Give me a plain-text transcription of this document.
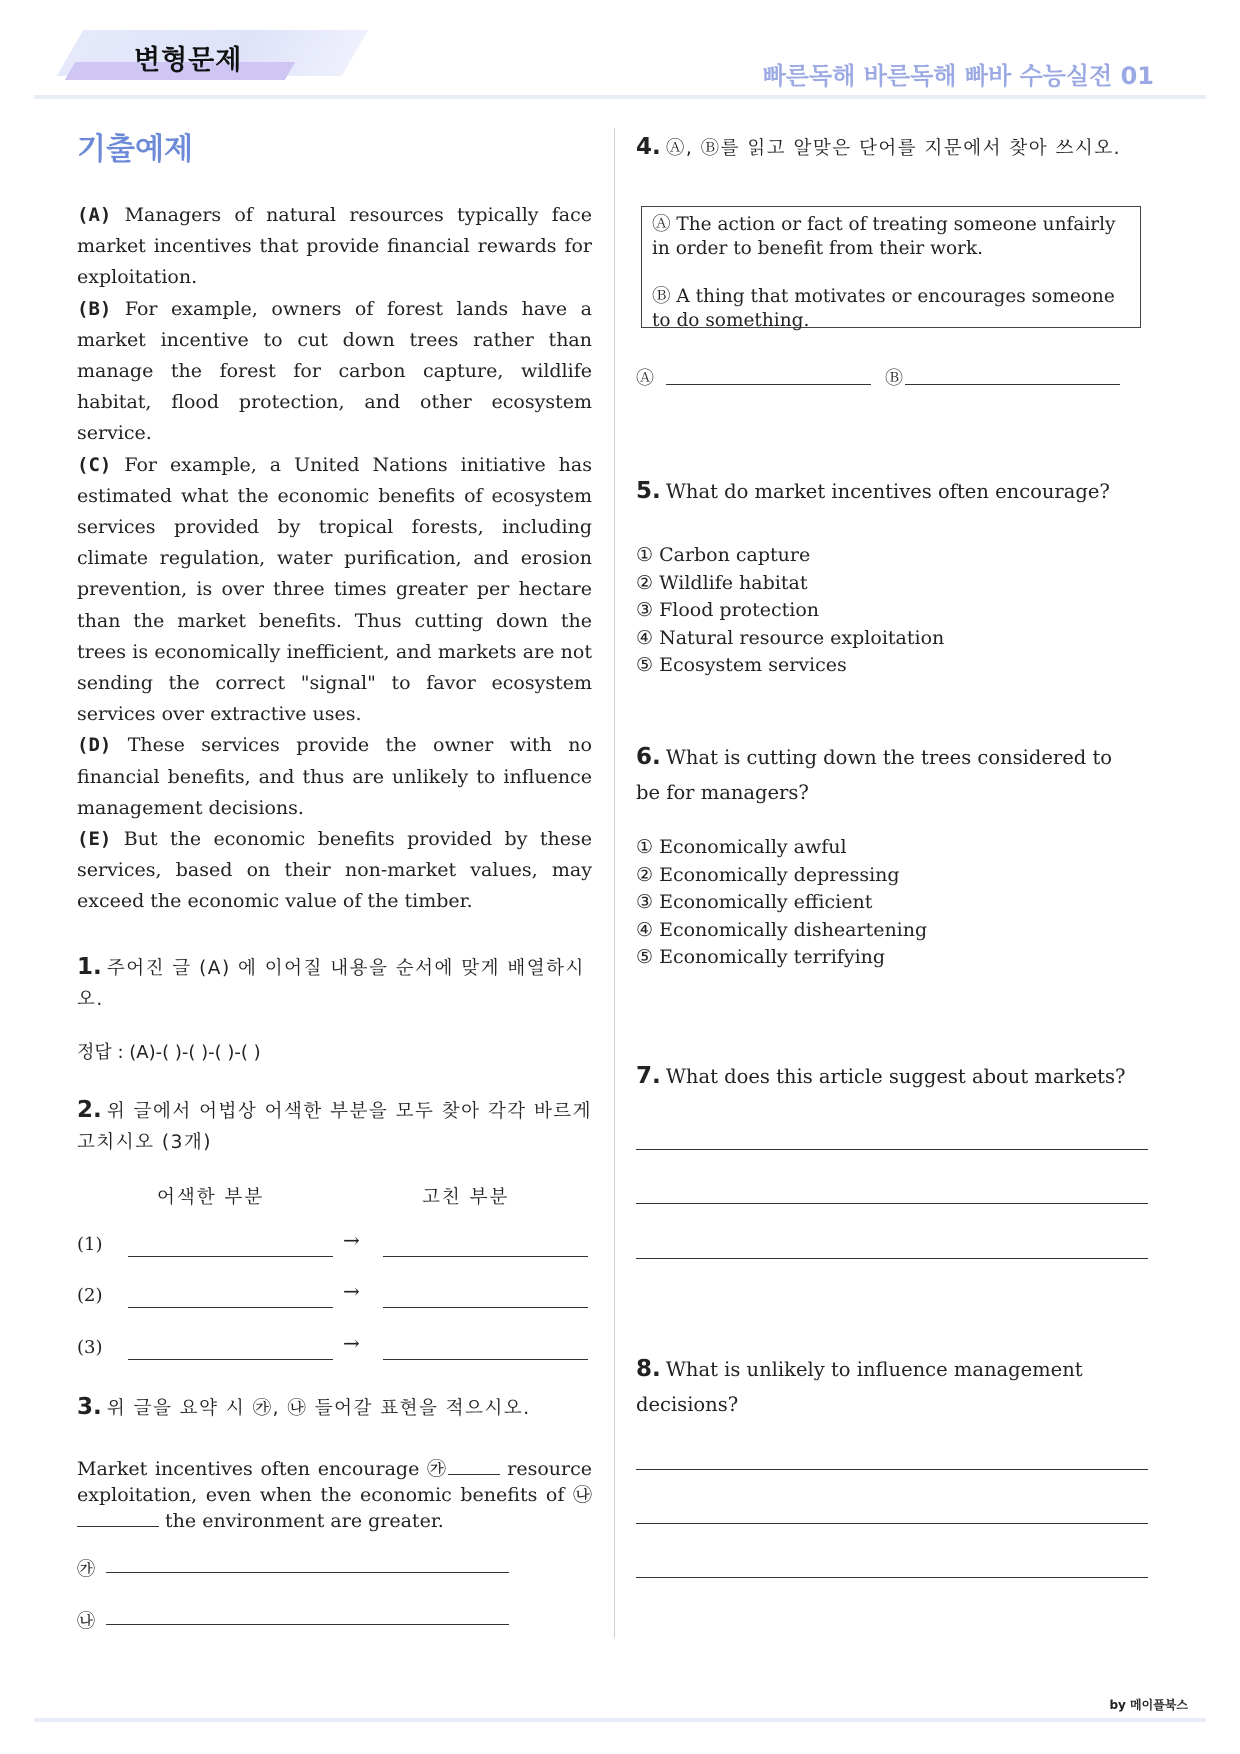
변형문제	빠른독해 바른독해 빠바 수능실전 01
기출예제

(A) Managers of natural resources typically face market incentives that provide financial rewards for exploitation.

(B) For example, owners of forest lands have a market incentive to cut down trees rather than manage the forest for carbon capture, wildlife habitat, flood protection, and other ecosystem service.

(C) For example, a United Nations initiative has estimated what the economic benefits of ecosystem services provided by tropical forests, including climate regulation, water purification, and erosion prevention, is over three times greater per hectare than the market benefits. Thus cutting down the trees is economically inefficient, and markets are not sending the correct "signal" to favor ecosystem services over extractive uses.

(D) These services provide the owner with no financial benefits, and thus are unlikely to influence management decisions.

(E) But the economic benefits provided by these services, based on their non-market values, may exceed the economic value of the timber.

1. 주어진 글 (A) 에 이어질 내용을 순서에 맞게 배열하시오.
정답 : (A)-( )-( )-( )-( )
2. 위 글에서 어법상 어색한 부분을 모두 찾아 각각 바르게 고치시오 (3개)
어색한 부분	고친 부분
(1)	→
(2)	→
(3)	→
3. 위 글을 요약 시 ㉮, ㉯ 들어갈 표현을 적으시오.
Market incentives often encourage ㉮	resource exploitation, even when the economic benefits of ㉯ the environment are greater.
㉮
㉯
4. Ⓐ, Ⓑ를 읽고 알맞은 단어를 지문에서 찾아 쓰시오.

Ⓐ The action or fact of treating someone unfairly in order to benefit from their work.

Ⓑ A thing that motivates or encourages someone to do something.

Ⓐ	Ⓑ
5. What do market incentives often encourage?
① Carbon capture
② Wildlife habitat
③ Flood protection
④ Natural resource exploitation
⑤ Ecosystem services
6. What is cutting down the trees considered to be for managers?
① Economically awful
② Economically depressing
③ Economically efficient
④ Economically disheartening
⑤ Economically terrifying
7. What does this article suggest about markets?
8. What is unlikely to influence management decisions?
by 메이플북스
